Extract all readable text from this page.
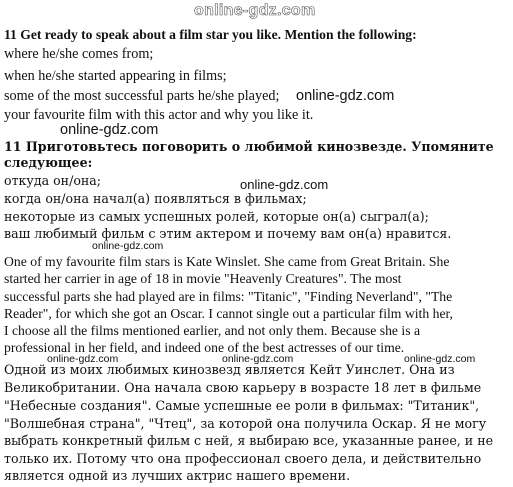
online-gdz.com
online-gdz.com
online-gdz.com
online-gdz.com
online-gdz.com
online-gdz.com	online-gdz.com	online-gdz.com
11 Get ready to speak about a film star you like. Mention the following:
where he/she comes from;
when he/she started appearing in films;
some of the most successful parts he/she played;
your favourite film with this actor and why you like it.
11 Приготовьтесь поговорить о любимой кинозвезде. Упомяните
следующее:
откуда он/она;
когда он/она начал(а) появляться в фильмах;
некоторые из самых успешных ролей, которые он(а) сыграл(а);
ваш любимый фильм с этим актером и почему вам он(а) нравится.
One of my favourite film stars is Kate Winslet. She came from Great Britain. She
started her carrier in age of 18 in movie "Heavenly Creatures". The most
successful parts she had played are in films: "Titanic", "Finding Neverland", "The
Reader", for which she got an Oscar. I cannot single out a particular film with her,
I choose all the films mentioned earlier, and not only them. Because she is a
professional in her field, and indeed one of the best actresses of our time.
Одной из моих любимых кинозвезд является Кейт Уинслет. Она из
Великобритании. Она начала свою карьеру в возрасте 18 лет в фильме
"Небесные создания". Самые успешные ее роли в фильмах: "Титаник",
"Волшебная страна", "Чтец", за которой она получила Оскар. Я не могу
выбрать конкретный фильм с ней, я выбираю все, указанные ранее, и не
только их. Потому что она профессионал своего дела, и действительно
является одной из лучших актрис нашего времени.
